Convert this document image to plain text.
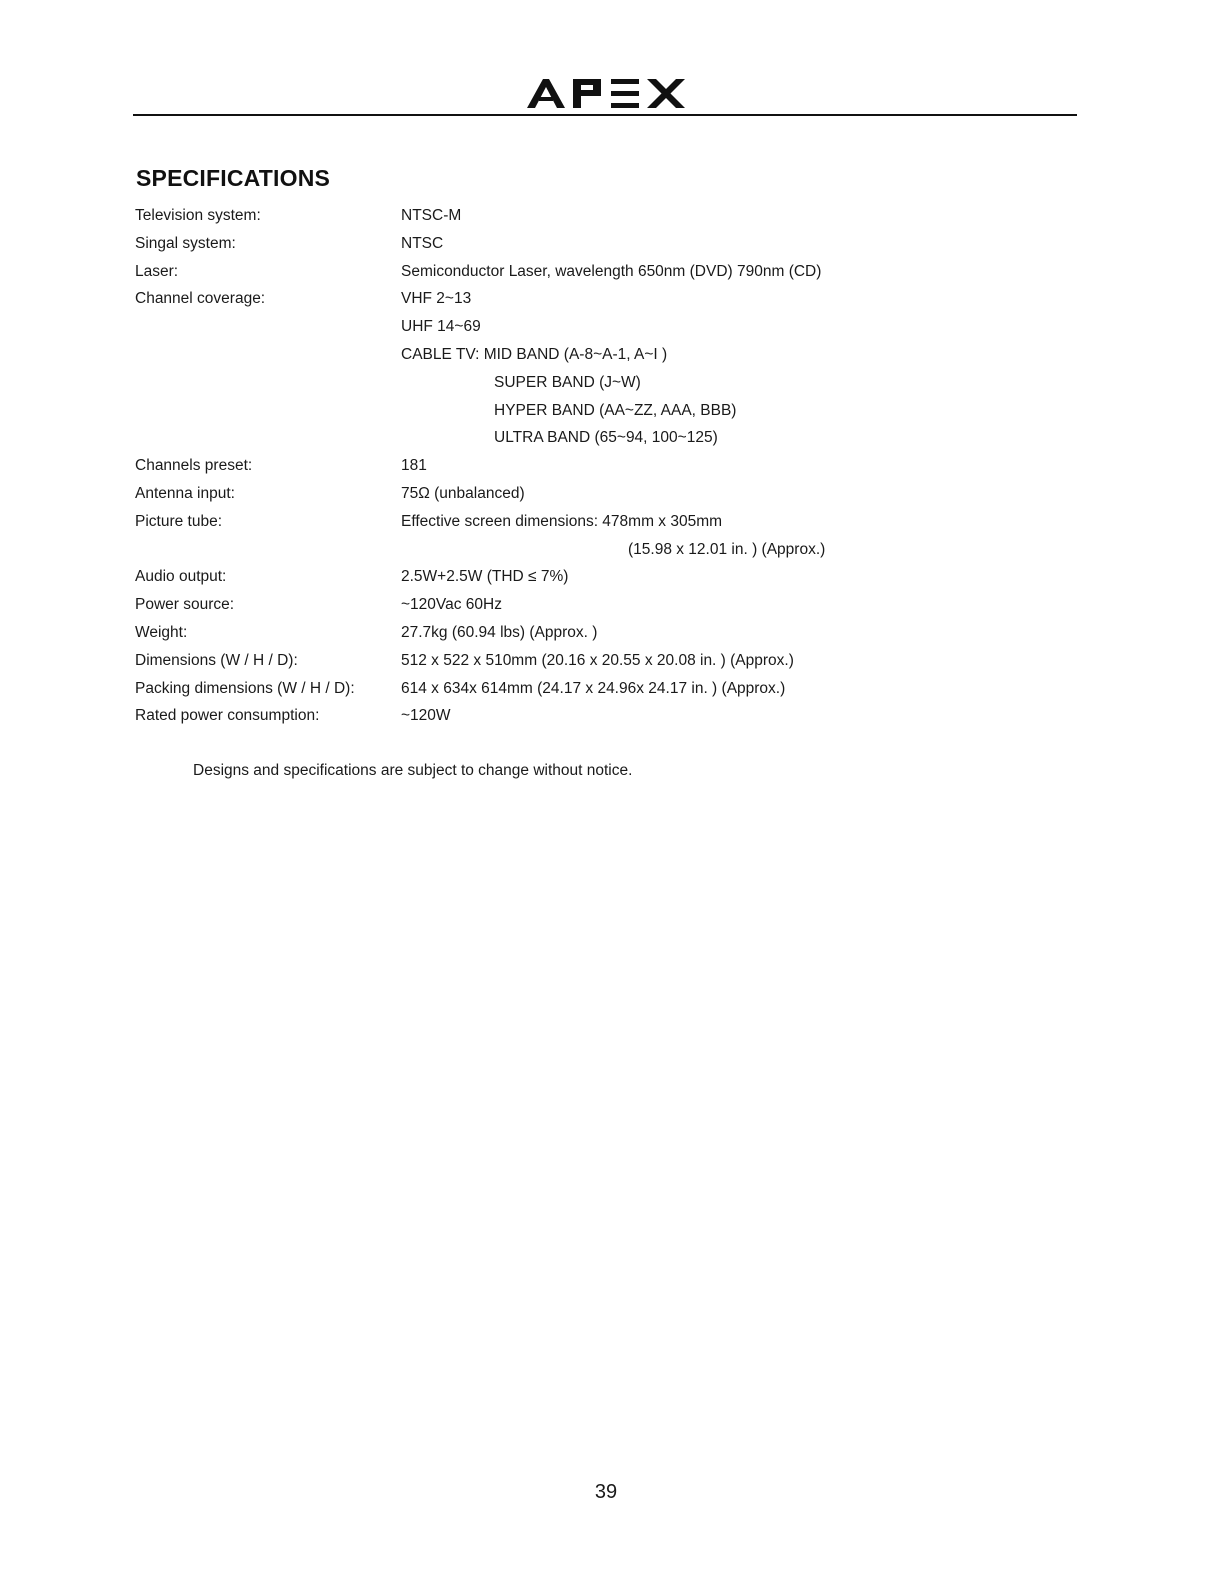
SPECIFICATIONS
Television system:	NTSC-M
Singal system:	NTSC
Laser:	Semiconductor Laser, wavelength 650nm (DVD) 790nm (CD)
Channel coverage:	VHF 2~13
UHF 14~69
CABLE TV: MID BAND (A-8~A-1, A~I )
SUPER BAND (J~W)
HYPER BAND (AA~ZZ, AAA, BBB)
ULTRA BAND (65~94, 100~125)
Channels preset:	181
Antenna input:	75Ω (unbalanced)
Picture tube:	Effective screen dimensions: 478mm x 305mm
(15.98 x 12.01 in. ) (Approx.)
Audio output:	2.5W+2.5W (THD ≤ 7%)
Power source:	~120Vac 60Hz
Weight:	27.7kg (60.94 lbs) (Approx. )
Dimensions (W / H / D):	512 x 522 x 510mm (20.16 x 20.55 x 20.08 in. ) (Approx.)
Packing dimensions (W / H / D):	614 x 634x 614mm (24.17 x 24.96x 24.17 in. ) (Approx.)
Rated power consumption:	~120W
Designs and specifications are subject to change without notice.
39
